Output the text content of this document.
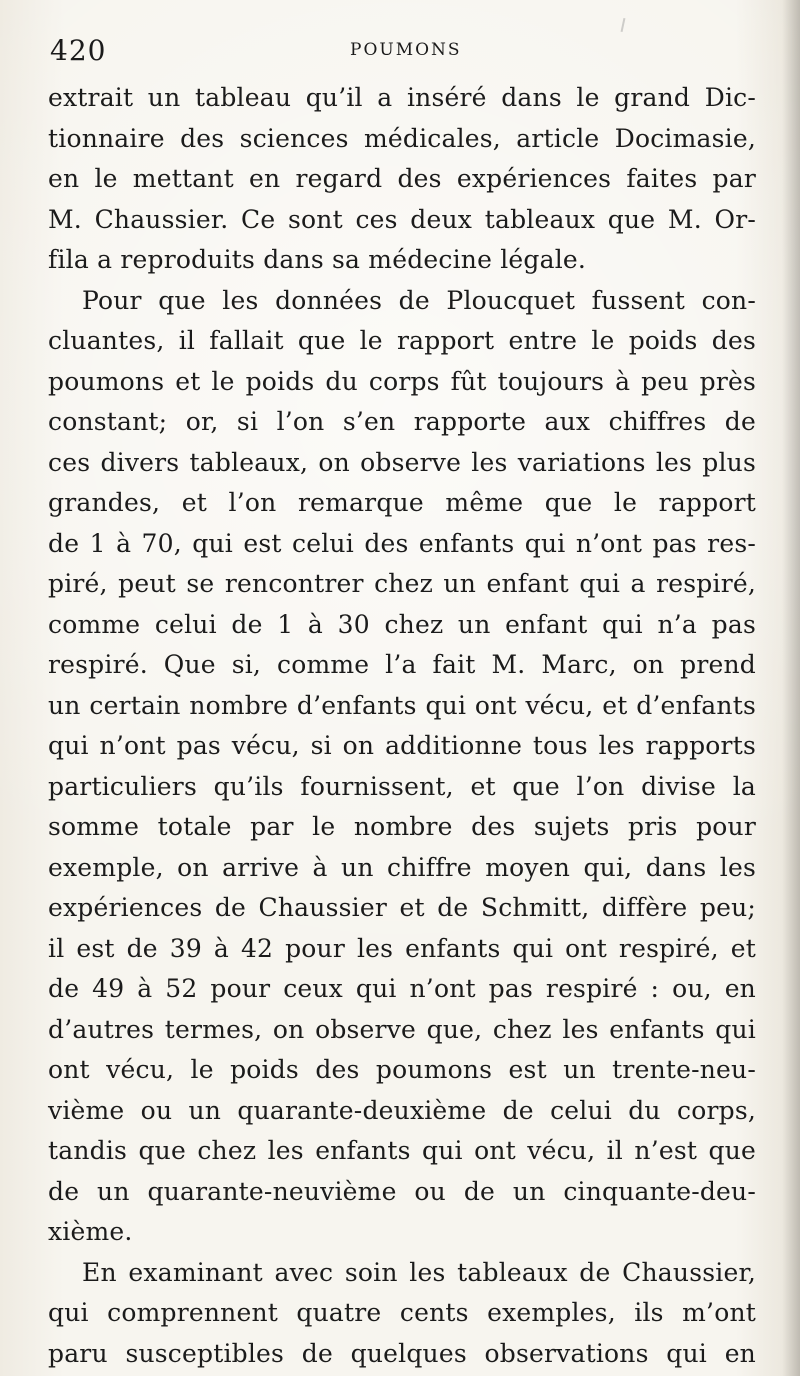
420	POUMONS
extrait un tableau qu’il a inséré dans le grand Dic-
tionnaire des sciences médicales, article Docimasie,
en le mettant en regard des expériences faites par
M. Chaussier. Ce sont ces deux tableaux que M. Or-
fila a reproduits dans sa médecine légale.
Pour que les données de Ploucquet fussent con-
cluantes, il fallait que le rapport entre le poids des
poumons et le poids du corps fût toujours à peu près
constant; or, si l’on s’en rapporte aux chiffres de
ces divers tableaux, on observe les variations les plus
grandes, et l’on remarque même que le rapport
de 1 à 70, qui est celui des enfants qui n’ont pas res-
piré, peut se rencontrer chez un enfant qui a respiré,
comme celui de 1 à 30 chez un enfant qui n’a pas
respiré. Que si, comme l’a fait M. Marc, on prend
un certain nombre d’enfants qui ont vécu, et d’enfants
qui n’ont pas vécu, si on additionne tous les rapports
particuliers qu’ils fournissent, et que l’on divise la
somme totale par le nombre des sujets pris pour
exemple, on arrive à un chiffre moyen qui, dans les
expériences de Chaussier et de Schmitt, diffère peu;
il est de 39 à 42 pour les enfants qui ont respiré, et
de 49 à 52 pour ceux qui n’ont pas respiré : ou, en
d’autres termes, on observe que, chez les enfants qui
ont vécu, le poids des poumons est un trente-neu-
vième ou un quarante-deuxième de celui du corps,
tandis que chez les enfants qui ont vécu, il n’est que
de un quarante-neuvième ou de un cinquante-deu-
xième.
En examinant avec soin les tableaux de Chaussier,
qui comprennent quatre cents exemples, ils m’ont
paru susceptibles de quelques observations qui en
